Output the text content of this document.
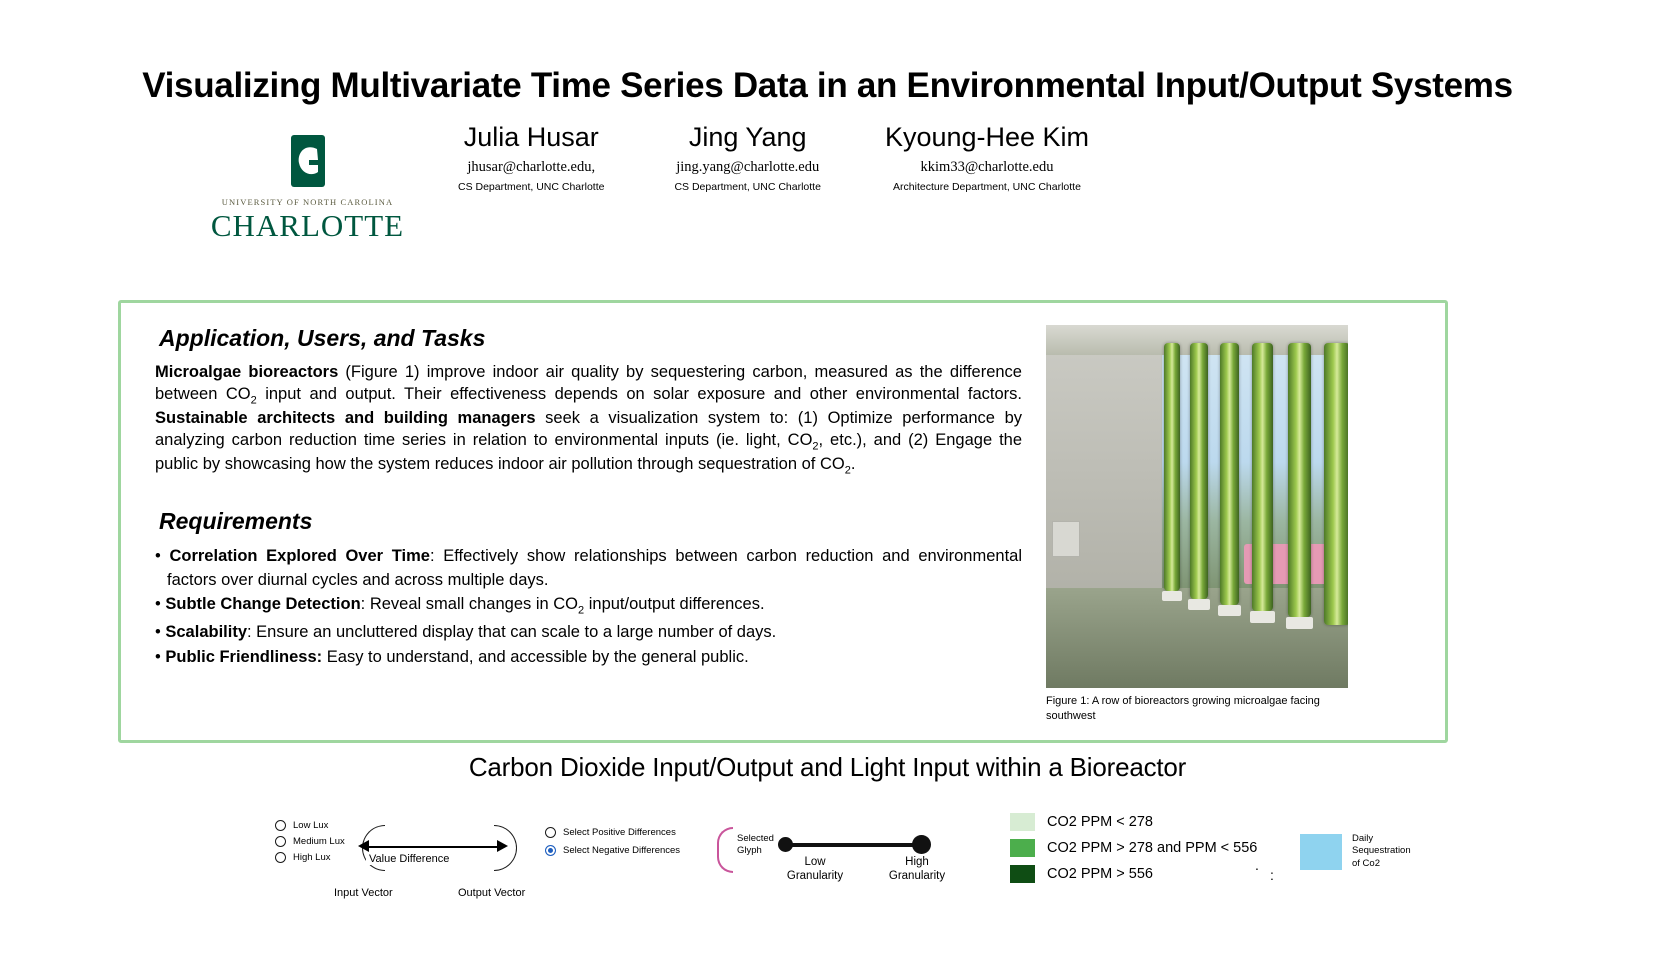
Visualizing Multivariate Time Series Data in an Environmental Input/Output Systems
UNIVERSITY OF NORTH CAROLINA
CHARLOTTE
Julia Husar
jhusar@charlotte.edu,
CS Department, UNC Charlotte
Jing Yang
jing.yang@charlotte.edu
CS Department, UNC Charlotte
Kyoung-Hee Kim
kkim33@charlotte.edu
Architecture Department, UNC Charlotte
Application, Users, and Tasks

Microalgae bioreactors (Figure 1) improve indoor air quality by sequestering carbon, measured as the difference between $CO_2$ input and output. Their effectiveness depends on solar exposure and other environmental factors. Sustainable architects and building managers seek a visualization system to: (1) Optimize performance by analyzing carbon reduction time series in relation to environmental inputs (ie. light, $CO_2$, etc.), and (2) Engage the public by showcasing how the system reduces indoor air pollution through sequestration of $CO_2$.

Requirements
• Correlation Explored Over Time: Effectively show relationships between carbon reduction and environmental factors over diurnal cycles and across multiple days.
• Subtle Change Detection: Reveal small changes in $CO_2$ input/output differences.
• Scalability: Ensure an uncluttered display that can scale to a large number of days.
• Public Friendliness: Easy to understand, and accessible by the general public.
Figure 1: A row of bioreactors growing microalgae facing southwest
Carbon Dioxide Input/Output and Light Input within a Bioreactor
Low Lux
Medium Lux
High Lux	Value Difference
Input Vector	Output Vector
Select Positive Differences
Select Negative Differences
Selected Glyph
Low
Granularity
High
Granularity
CO2 PPM < 278
CO2 PPM > 278 and PPM < 556
CO2 PPM > 556
.
:
Daily
Sequestration
of Co2
